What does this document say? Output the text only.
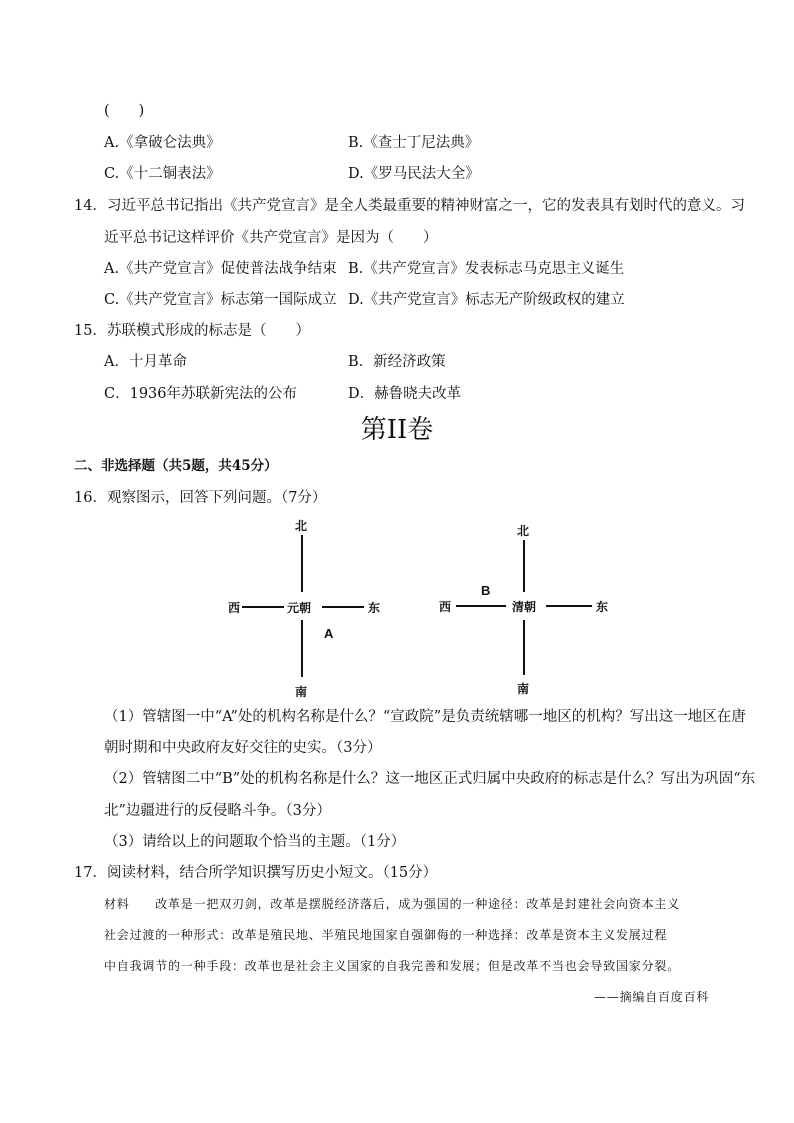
(　　)
A.《拿破仑法典》	B.《查士丁尼法典》
C.《十二铜表法》	D.《罗马民法大全》
14．习近平总书记指出《共产党宣言》是全人类最重要的精神财富之一，它的发表具有划时代的意义。习
近平总书记这样评价《共产党宣言》是因为（　　）
A.《共产党宣言》促使普法战争结束 B.《共产党宣言》发表标志马克思主义诞生
C.《共产党宣言》标志第一国际成立 D.《共产党宣言》标志无产阶级政权的建立
15．苏联模式形成的标志是（　　）
A．十月革命	B．新经济政策
C．1936年苏联新宪法的公布	D．赫鲁晓夫改革
第II卷
二、非选择题（共5题，共45分）
16．观察图示，回答下列问题。（7分）
北
西	元朝	东
A
南
北
B
西	清朝	东
南
（1）管辖图一中“A”处的机构名称是什么？“宣政院”是负责统辖哪一地区的机构？写出这一地区在唐
朝时期和中央政府友好交往的史实。（3分）
（2）管辖图二中“B”处的机构名称是什么？这一地区正式归属中央政府的标志是什么？写出为巩固“东
北”边疆进行的反侵略斗争。（3分）
（3）请给以上的问题取个恰当的主题。（1分）
17．阅读材料，结合所学知识撰写历史小短文。（15分）
材料　　改革是一把双刃剑，改革是摆脱经济落后，成为强国的一种途径：改革是封建社会向资本主义
社会过渡的一种形式：改革是殖民地、半殖民地国家自强御侮的一种选择：改革是资本主义发展过程
中自我调节的一种手段：改革也是社会主义国家的自我完善和发展；但是改革不当也会导致国家分裂。
——摘编自百度百科
